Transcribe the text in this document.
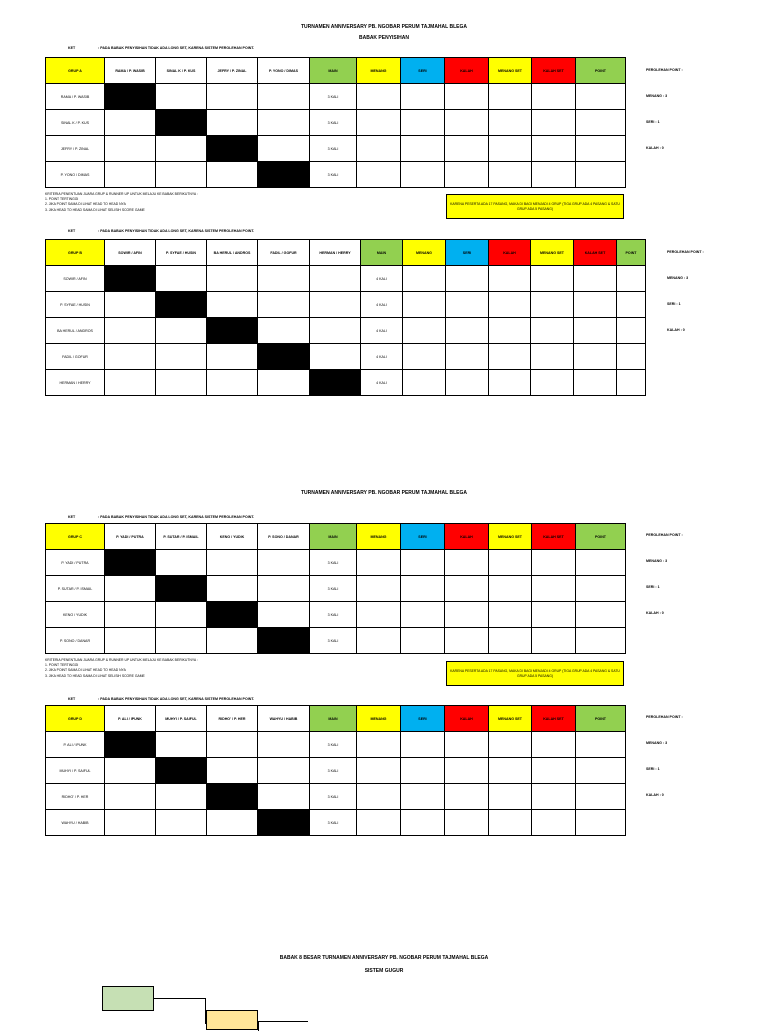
TURNAMEN ANNIVERSARY PB. NGOBAR PERUM TAJMAHAL BLEGA
BABAK PENYISIHAN
KET	: PADA BABAK PENYISIHAN TIDAK ADA LONG SET, KARENA SISTEM PEROLEHAN POINT.
GRUP A	RAMA / P. WASIB	SINAL K / P. KUS	JEFRY / P. ZINAL	P. YONO / DIMAS	MAIN	MENANG	SERI	KALAH	MENANG SET	KALAH SET	POINT
RAMA / P. WASIB					3 KALI						
SINAL K / P. KUS					3 KALI						
JEFRY / P. ZINAL					3 KALI						
P. YONO / DIMAS					3 KALI						
PEROLEHAN POINT :
MENANG : 3
SERI : 1
KALAH : 0
KRITERIA PENENTUAN JUARA GRUP & RUNNER UP UNTUK MELAJU KE BABAK BERIKUTNYA :
1. POINT TERTINGGI
2. JIKA POINT SAMA DI LIHAT HEAD TO HEAD NYA
3. JIKA HEAD TO HEAD SAMA DI LIHAT SELISIH SCORE GAME
KARENA PESERTA ADA 17 PASANG, MAKA DI BAGI MENJADI 4 GRUP (TIGA GRUP ADA 4 PASANG & SATU GRUP ADA 5 PASANG)
KET	: PADA BABAK PENYISIHAN TIDAK ADA LONG SET, KARENA SISTEM PEROLEHAN POINT.
GRUP B	SOWIR / AFIN	P. SYFAE / HUSIN	BA HERUL / ANDROS	FADIL / GOFUR	HERMAN / HERRY	MAIN	MENANG	SERI	KALAH	MENANG SET	KALAH SET	POINT
SOWIR / AFIN						4 KALI						
P. SYFAE / HUSIN						4 KALI						
BA HERUL / ANDROS						4 KALI						
FADIL / GOFUR						4 KALI						
HERMAN / HERRY						4 KALI						
PEROLEHAN POINT :
MENANG : 3
SERI : 1
KALAH : 0
TURNAMEN ANNIVERSARY PB. NGOBAR PERUM TAJMAHAL BLEGA
KET	: PADA BABAK PENYISIHAN TIDAK ADA LONG SET, KARENA SISTEM PEROLEHAN POINT.
GRUP C	P. YADI / PUTRA	P. SUTAR / P. ISMAIL	KENO / YUDIK	P. SONO / DANAR	MAIN	MENANG	SERI	KALAH	MENANG SET	KALAH SET	POINT
P. YADI / PUTRA					3 KALI						
P. SUTAR / P. ISMAIL					3 KALI						
KENO / YUDIK					3 KALI						
P. SONO / DANAR					3 KALI						
PEROLEHAN POINT :
MENANG : 3
SERI : 1
KALAH : 0
KRITERIA PENENTUAN JUARA GRUP & RUNNER UP UNTUK MELAJU KE BABAK BERIKUTNYA :
1. POINT TERTINGGI
2. JIKA POINT SAMA DI LIHAT HEAD TO HEAD NYA
3. JIKA HEAD TO HEAD SAMA DI LIHAT SELISIH SCORE GAME
KARENA PESERTA ADA 17 PASANG, MAKA DI BAGI MENJADI 4 GRUP (TIGA GRUP ADA 4 PASANG & SATU GRUP ADA 5 PASANG)
KET	: PADA BABAK PENYISIHAN TIDAK ADA LONG SET, KARENA SISTEM PEROLEHAN POINT.
GRUP D	P. ALI / IPUNK	MUHYI / P. SAIFUL	RIDHO' / P. HER	WAHYU / HABIB	MAIN	MENANG	SERI	KALAH	MENANG SET	KALAH SET	POINT
P. ALI / IPUNK					3 KALI						
MUHYI / P. SAIFUL					3 KALI						
RIDHO' / P. HER					3 KALI						
WAHYU / HABIB					3 KALI						
PEROLEHAN POINT :
MENANG : 3
SERI : 1
KALAH : 0
BABAK 8 BESAR TURNAMEN ANNIVERSARY PB. NGOBAR PERUM TAJMAHAL BLEGA
SISTEM GUGUR
